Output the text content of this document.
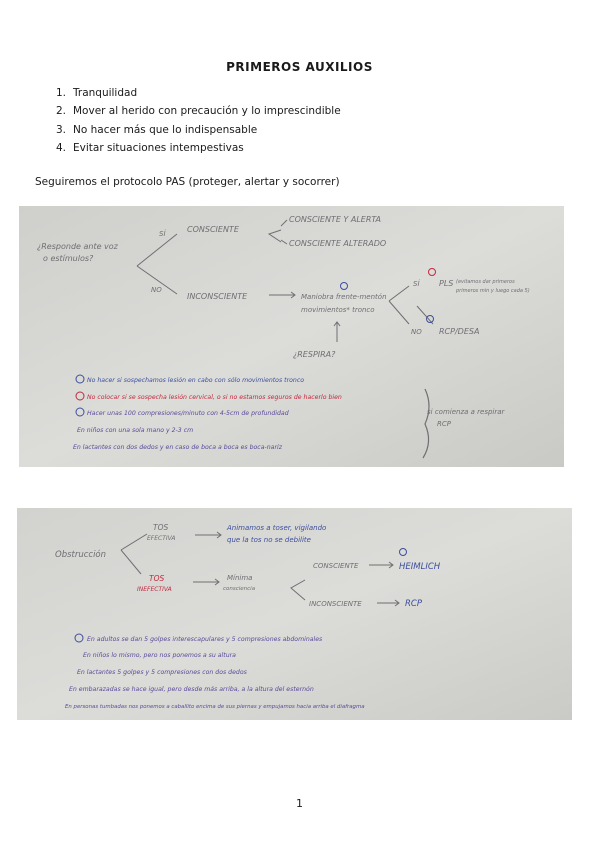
PRIMEROS AUXILIOS
1. Tranquilidad
2. Mover al herido con precaución y lo imprescindible
3. No hacer más que lo indispensable
4. Evitar situaciones intempestivas
Seguiremos el protocolo PAS (proteger, alertar y socorrer)
¿Responde ante voz
o estímulos?
SÍ
NO
CONSCIENTE
CONSCIENTE Y ALERTA
CONSCIENTE ALTERADO
INCONSCIENTE	Maniobra frente-mentón
movimientos* tronco
¿RESPIRA?
SÍ
NO
PLS (evitamos dar primeros
primeros min y luego cada 5)
RCP/DESA
si comienza a respirar
RCP
No hacer si sospechamos lesión en cabo con sólo movimientos tronco
No colocar si se sospecha lesión cervical, o si no estamos seguros de hacerlo bien
Hacer unas 100 compresiones/minuto con 4-5cm de profundidad
En niños con una sola mano y 2-3 cm
En lactantes con dos dedos y en caso de boca a boca es boca-nariz
Obstrucción
TOS
EFECTIVA
Animamos a toser, vigilando
que la tos no se debilite
TOS
INEFECTIVA
Mínima
consciencia
CONSCIENTE	HEIMLICH
INCONSCIENTE	RCP
En adultos se dan 5 golpes interescapulares y 5 compresiones abdominales
En niños lo mismo, pero nos ponemos a su altura
En lactantes 5 golpes y 5 compresiones con dos dedos
En embarazadas se hace igual, pero desde más arriba, a la altura del esternón
En personas tumbadas nos ponemos a caballito encima de sus piernas y empujamos hacia arriba el diafragma
1
